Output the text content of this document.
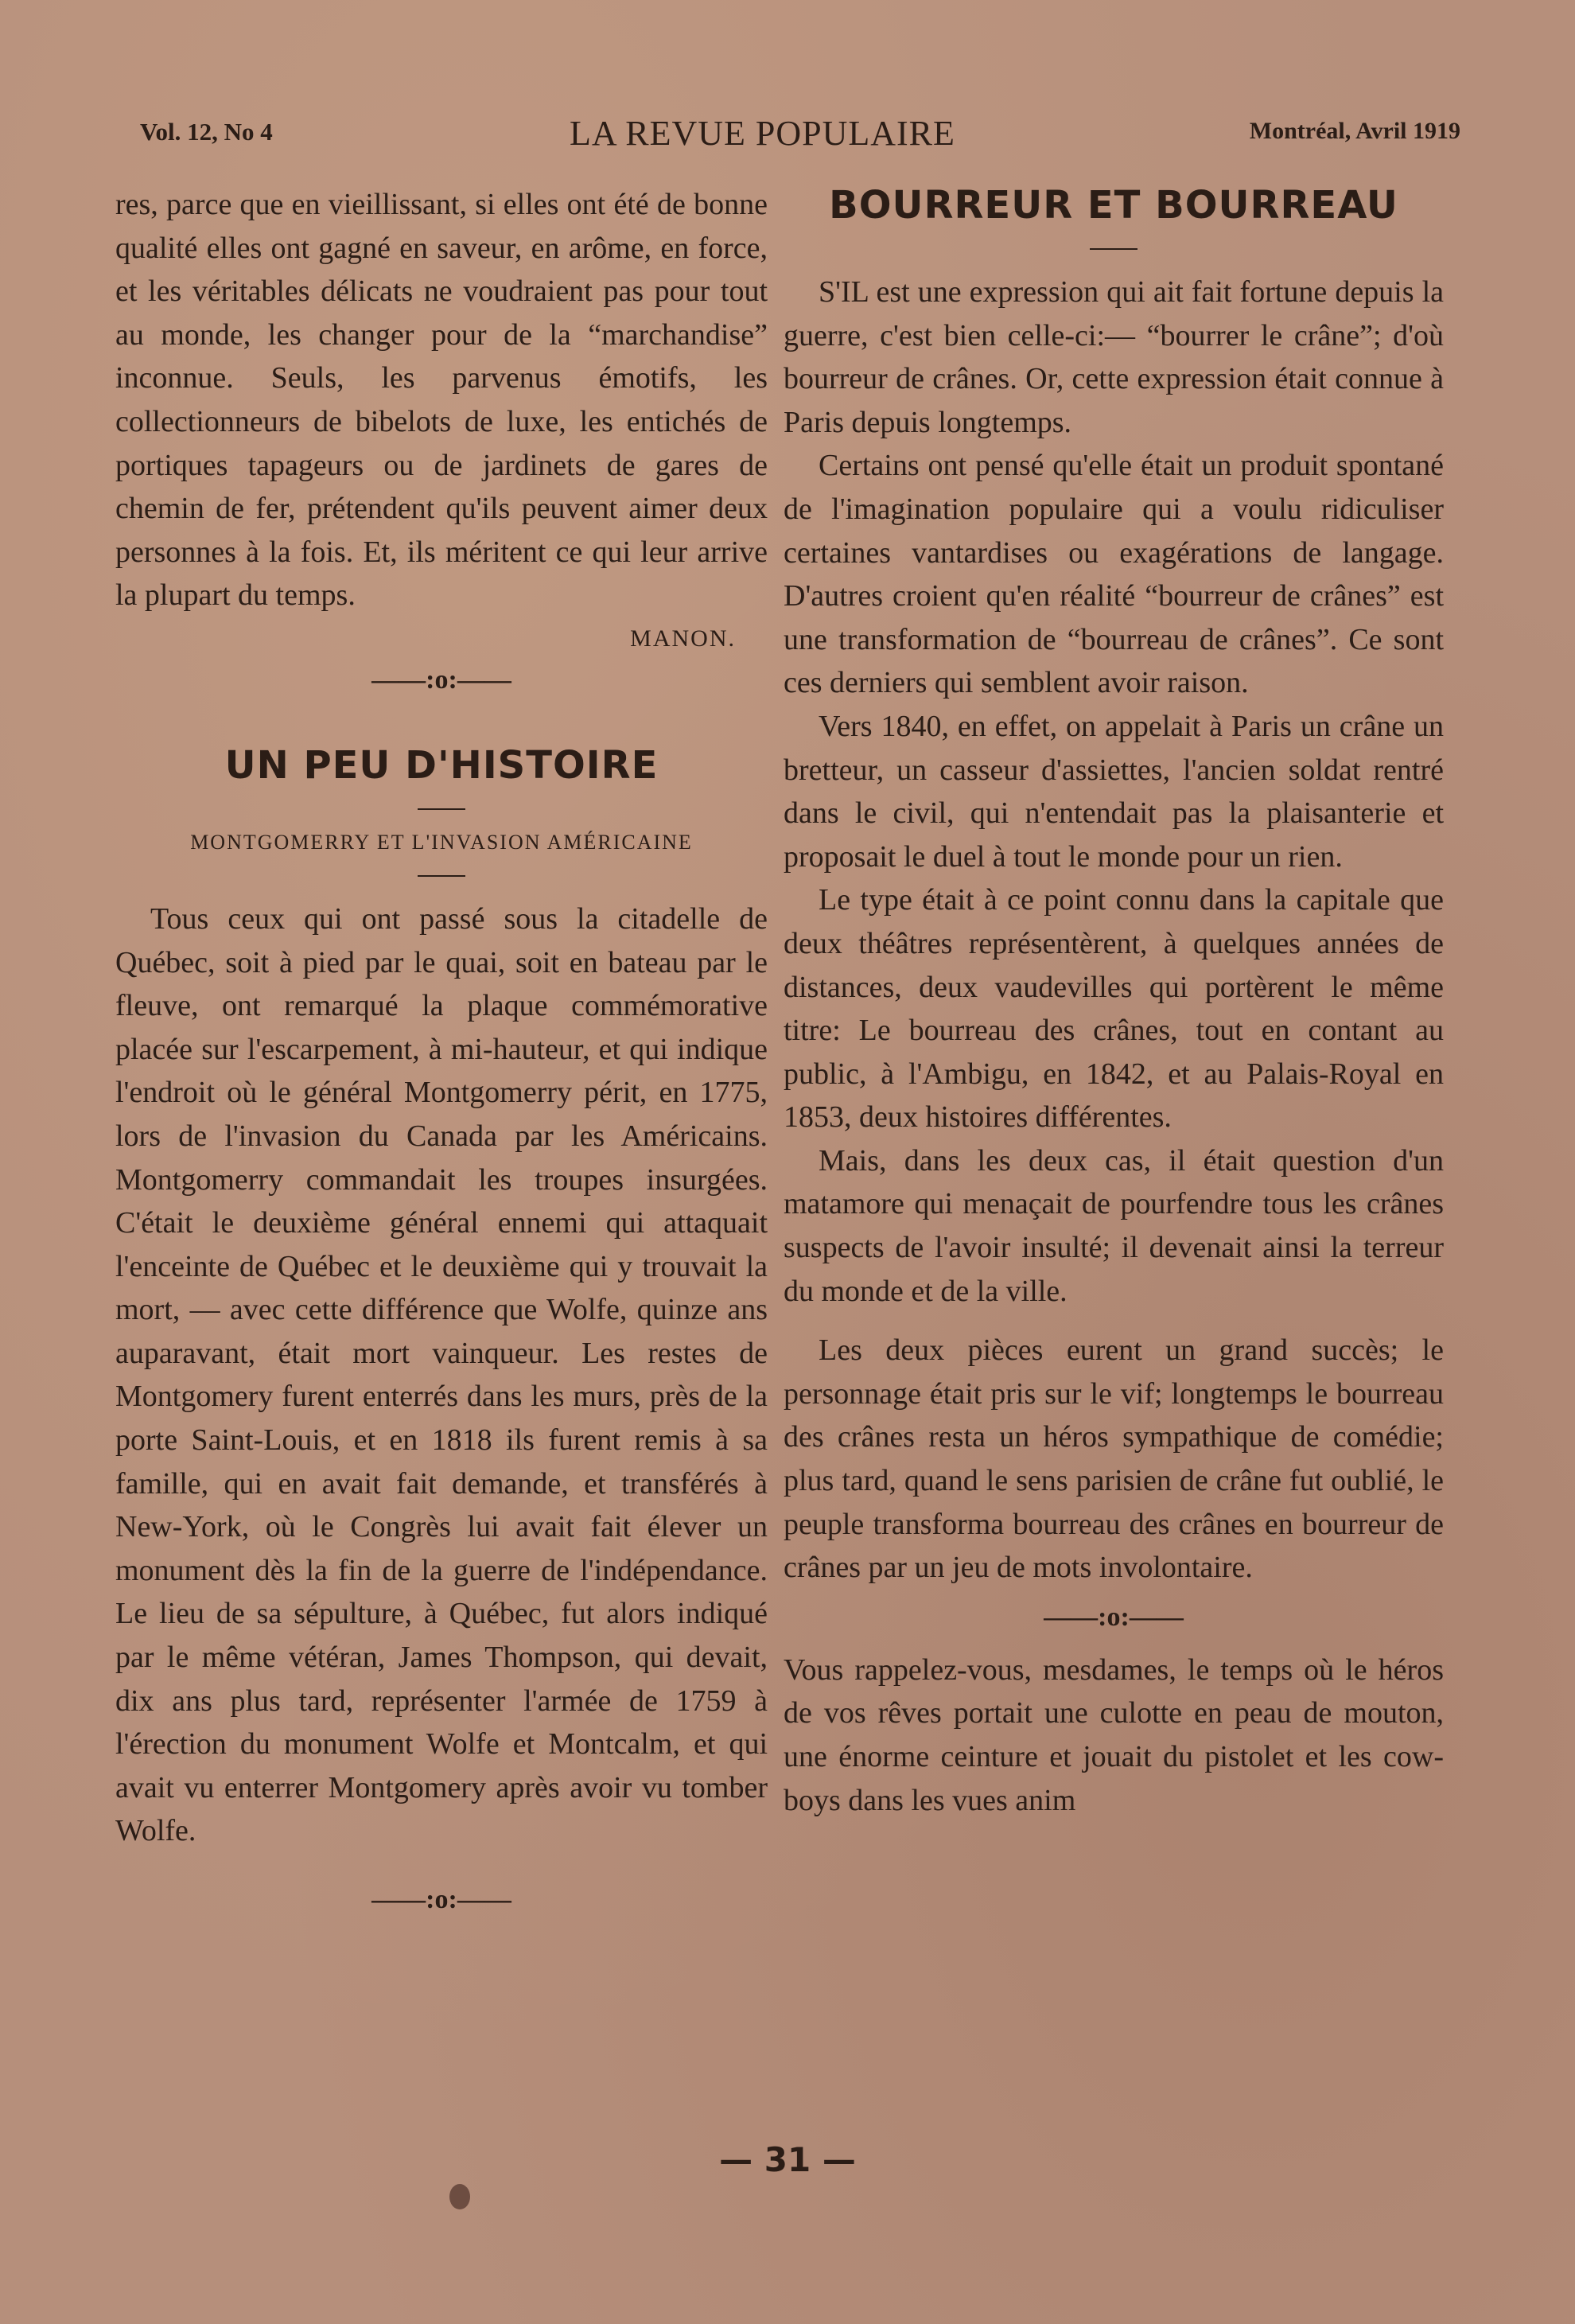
Vol. 12, No 4	LA REVUE POPULAIRE	Montréal, Avril 1919

res, parce que en vieillissant, si elles ont été de bonne qualité elles ont gagné en saveur, en arôme, en force, et les véritables délicats ne voudraient pas pour tout au monde, les changer pour de la “marchandise” inconnue. Seuls, les parvenus émotifs, les collectionneurs de bibelots de luxe, les entichés de portiques tapageurs ou de jardinets de gares de chemin de fer, prétendent qu'ils peuvent aimer deux personnes à la fois. Et, ils méritent ce qui leur arrive la plupart du temps.

MANON.

——:o:——

UN PEU D'HISTOIRE

MONTGOMERRY ET L'INVASION AMÉRICAINE

Tous ceux qui ont passé sous la citadelle de Québec, soit à pied par le quai, soit en bateau par le fleuve, ont remarqué la plaque commémorative placée sur l'escarpement, à mi-hauteur, et qui indique l'endroit où le général Montgomerry périt, en 1775, lors de l'invasion du Canada par les Américains. Montgomerry commandait les troupes insurgées. C'était le deuxième général ennemi qui attaquait l'enceinte de Québec et le deuxième qui y trouvait la mort, — avec cette différence que Wolfe, quinze ans auparavant, était mort vainqueur. Les restes de Montgomery furent enterrés dans les murs, près de la porte Saint-Louis, et en 1818 ils furent remis à sa famille, qui en avait fait demande, et transférés à New-York, où le Congrès lui avait fait élever un monument dès la fin de la guerre de l'indépendance. Le lieu de sa sépulture, à Québec, fut alors indiqué par le même vétéran, James Thompson, qui devait, dix ans plus tard, représenter l'armée de 1759 à l'érection du monument Wolfe et Montcalm, et qui avait vu enterrer Montgomery après avoir vu tomber Wolfe.

——:o:——

BOURREUR ET BOURREAU

S'IL est une expression qui ait fait fortune depuis la guerre, c'est bien celle-ci:— “bourrer le crâne”; d'où bourreur de crânes. Or, cette expression était connue à Paris depuis longtemps.

Certains ont pensé qu'elle était un produit spontané de l'imagination populaire qui a voulu ridiculiser certaines vantardises ou exagérations de langage. D'autres croient qu'en réalité “bourreur de crânes” est une transformation de “bourreau de crânes”. Ce sont ces derniers qui semblent avoir raison.

Vers 1840, en effet, on appelait à Paris un crâne un bretteur, un casseur d'assiettes, l'ancien soldat rentré dans le civil, qui n'entendait pas la plaisanterie et proposait le duel à tout le monde pour un rien.

Le type était à ce point connu dans la capitale que deux théâtres représentèrent, à quelques années de distances, deux vaudevilles qui portèrent le même titre: Le bourreau des crânes, tout en contant au public, à l'Ambigu, en 1842, et au Palais-Royal en 1853, deux histoires différentes.

Mais, dans les deux cas, il était question d'un matamore qui menaçait de pourfendre tous les crânes suspects de l'avoir insulté; il devenait ainsi la terreur du monde et de la ville.

Les deux pièces eurent un grand succès; le personnage était pris sur le vif; longtemps le bourreau des crânes resta un héros sympathique de comédie; plus tard, quand le sens parisien de crâne fut oublié, le peuple transforma bourreau des crânes en bourreur de crânes par un jeu de mots involontaire.

——:o:——

Vous rappelez-vous, mesdames, le temps où le héros de vos rêves portait une culotte en peau de mouton, une énorme ceinture et jouait du pistolet et les cow-boys dans les vues anim

— 31 —
